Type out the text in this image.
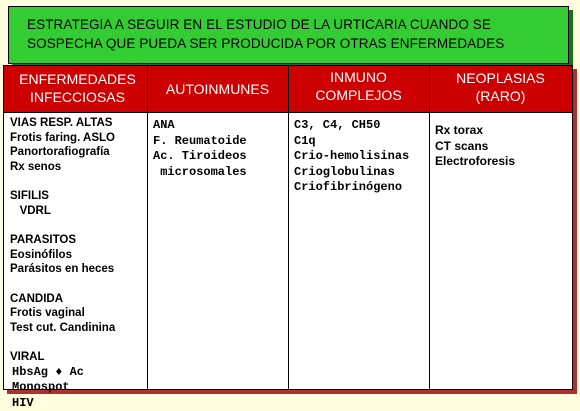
ESTRATEGIA A SEGUIR EN EL ESTUDIO DE LA URTICARIA CUANDO SE
SOSPECHA QUE PUEDA SER PRODUCIDA POR OTRAS ENFERMEDADES
ENFERMEDADES
INFECCIOSAS	AUTOINMUNES
INMUNO
COMPLEJOS
NEOPLASIAS
(RARO)
VIAS RESP. ALTAS
Frotis faring. ASLO
Panortorafiografía
Rx senos
SIFILIS
VDRL
PARASITOS
Eosinófilos
Parásitos en heces
CANDIDA
Frotis vaginal
Test cut. Candinina
VIRAL
HbsAg ♦ Ac
Monospot
HIV
ANA
F. Reumatoide
Ac. Tiroideos
microsomales
C3, C4, CH50
C1q
Crio-hemolisinas
Crioglobulinas
Criofibrinógeno
Rx torax
CT scans
Electroforesis
